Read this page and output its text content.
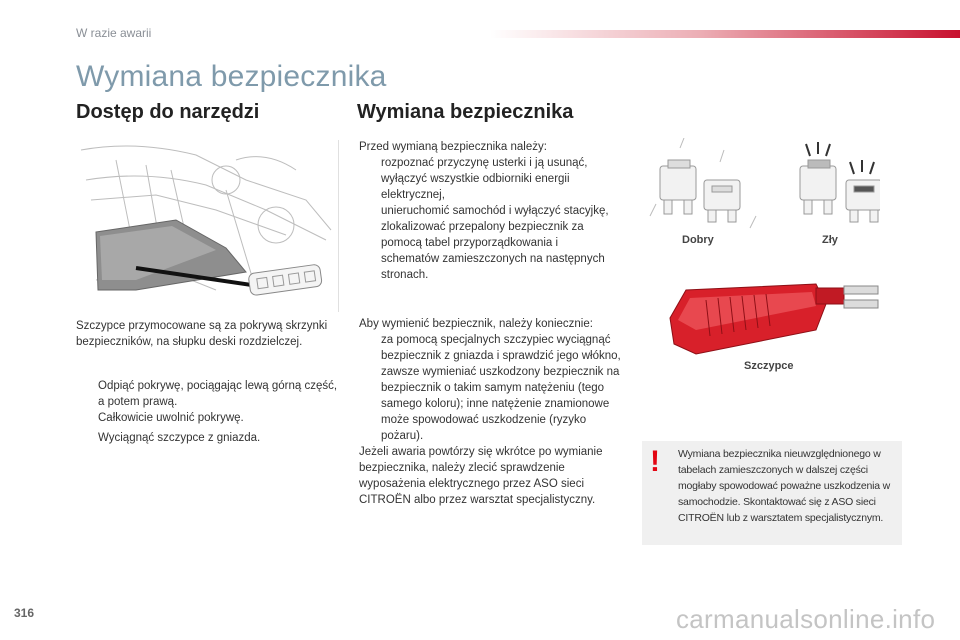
W razie awarii
Wymiana bezpiecznika
Dostęp do narzędzi
Szczypce przymocowane są za pokrywą skrzynki bezpieczników, na słupku deski rozdzielczej.
Odpiąć pokrywę, pociągając lewą górną część, a potem prawą.
Całkowicie uwolnić pokrywę.
Wyciągnąć szczypce z gniazda.
Wymiana bezpiecznika
Przed wymianą bezpiecznika należy:
rozpoznać przyczynę usterki i ją usunąć,
wyłączyć wszystkie odbiorniki energii elektrycznej,
unieruchomić samochód i wyłączyć stacyjkę,
zlokalizować przepalony bezpiecznik za pomocą tabel przyporządkowania i schematów zamieszczonych na następnych stronach.
Aby wymienić bezpiecznik, należy koniecznie:
za pomocą specjalnych szczypiec wyciągnąć bezpiecznik z gniazda i sprawdzić jego włókno,
zawsze wymieniać uszkodzony bezpiecznik na bezpiecznik o takim samym natężeniu (tego samego koloru); inne natężenie znamionowe może spowodować uszkodzenie (ryzyko pożaru).
Jeżeli awaria powtórzy się wkrótce po wymianie bezpiecznika, należy zlecić sprawdzenie wyposażenia elektrycznego przez ASO sieci CITROËN albo przez warsztat specjalistyczny.
Dobry	Zły
Szczypce
! Wymiana bezpiecznika nieuwzględnionego w tabelach zamieszczonych w dalszej części mogłaby spowodować poważne uszkodzenia w samochodzie. Skontaktować się z ASO sieci CITROËN lub z warsztatem specjalistycznym.
316	carmanualsonline.info
